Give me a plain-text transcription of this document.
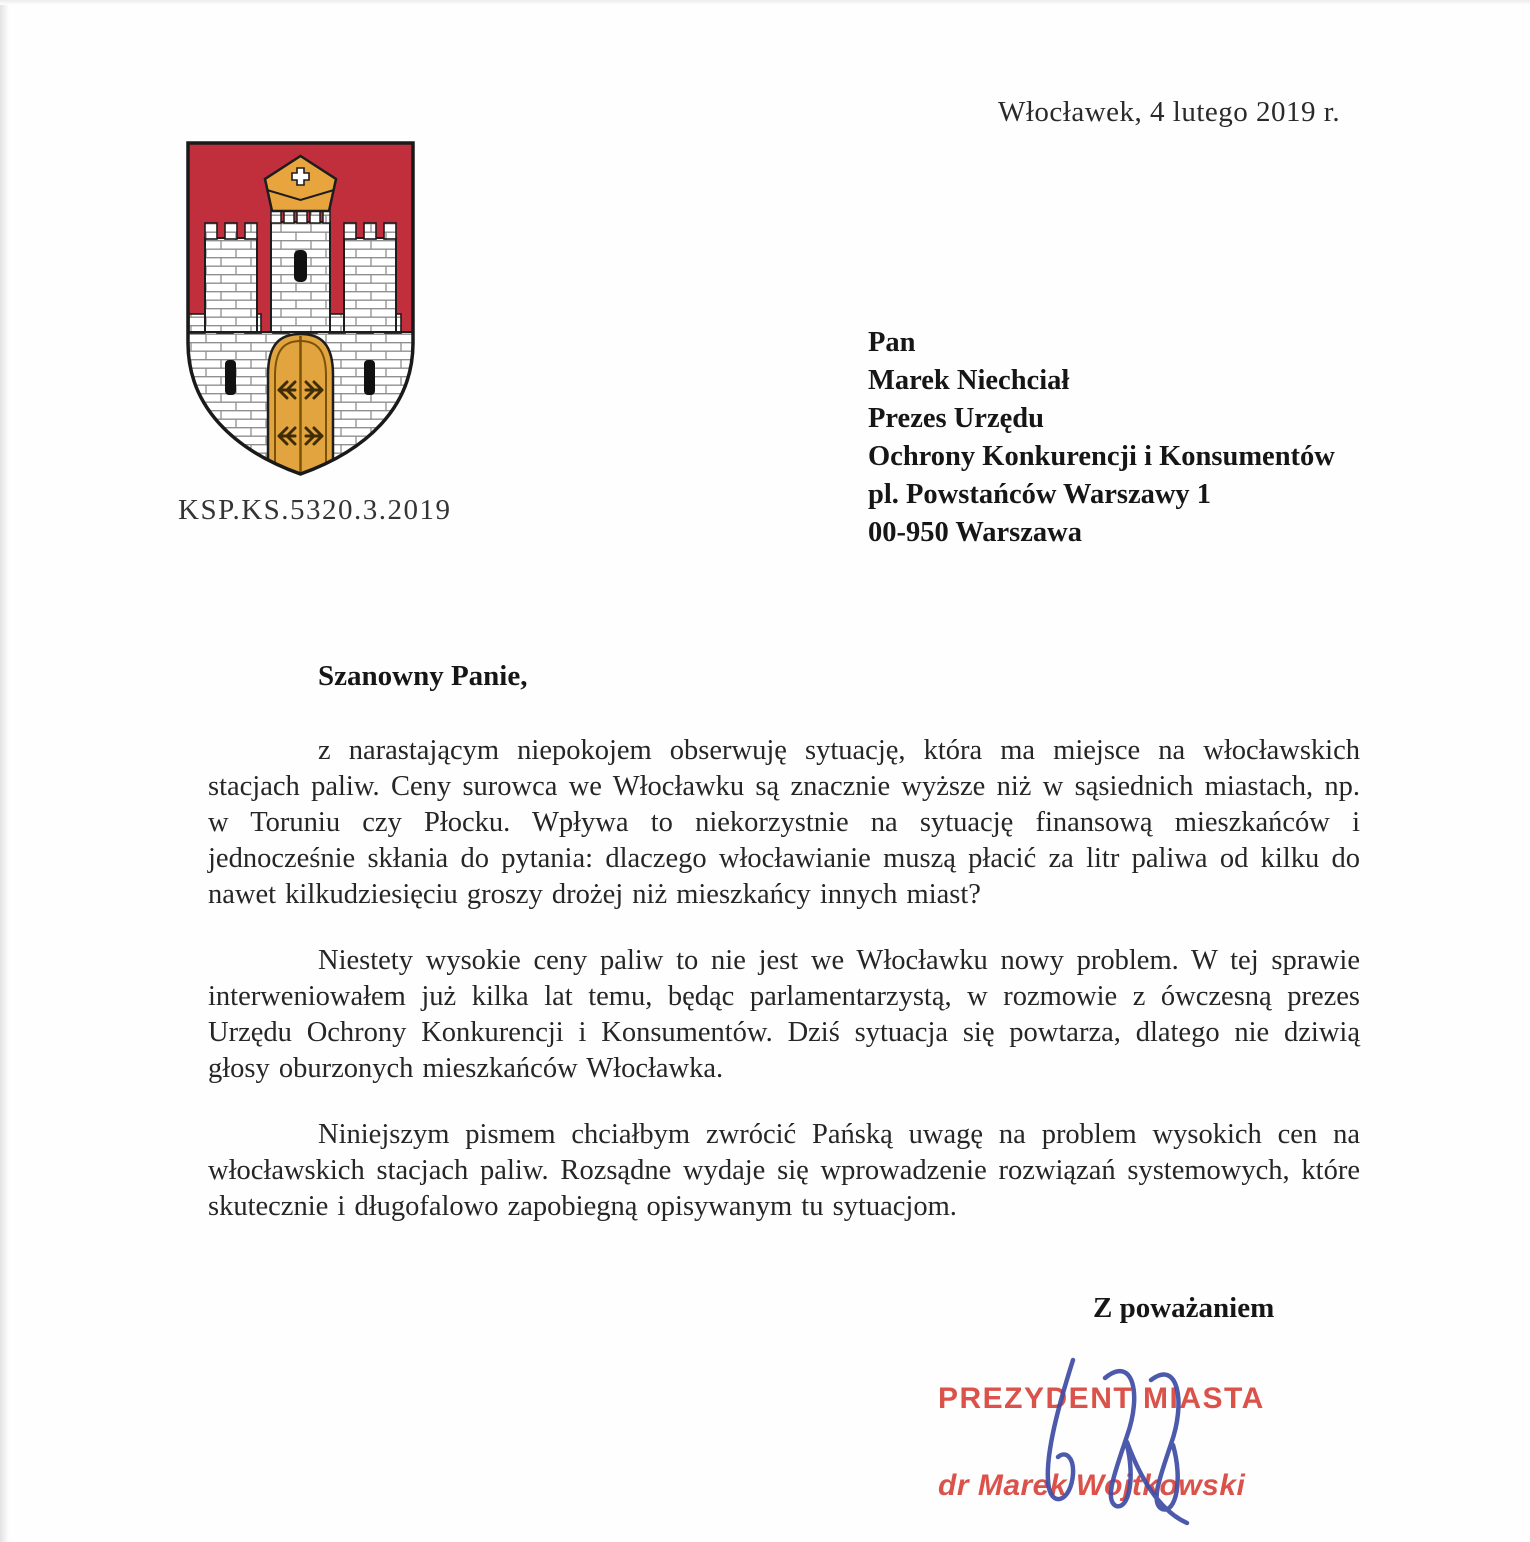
Włocławek, 4 lutego 2019 r.
KSP.KS.5320.3.2019
Pan
Marek Niechciał
Prezes Urzędu
Ochrony Konkurencji i Konsumentów
pl. Powstańców Warszawy 1
00-950 Warszawa
Szanowny Panie,

z narastającym niepokojem obserwuję sytuację, która ma miejsce na włocławskich stacjach paliw. Ceny surowca we Włocławku są znacznie wyższe niż w sąsiednich miastach, np. w Toruniu czy Płocku. Wpływa to niekorzystnie na sytuację finansową mieszkańców i jednocześnie skłania do pytania: dlaczego włocławianie muszą płacić za litr paliwa od kilku do nawet kilkudziesięciu groszy drożej niż mieszkańcy innych miast?

Niestety wysokie ceny paliw to nie jest we Włocławku nowy problem. W tej sprawie interweniowałem już kilka lat temu, będąc parlamentarzystą, w rozmowie z ówczesną prezes Urzędu Ochrony Konkurencji i Konsumentów. Dziś sytuacja się powtarza, dlatego nie dziwią głosy oburzonych mieszkańców Włocławka.

Niniejszym pismem chciałbym zwrócić Pańską uwagę na problem wysokich cen na włocławskich stacjach paliw. Rozsądne wydaje się wprowadzenie rozwiązań systemowych, które skutecznie i długofalowo zapobiegną opisywanym tu sytuacjom.

Z poważaniem
PREZYDENT MIASTA
dr Marek Wojtkowski
